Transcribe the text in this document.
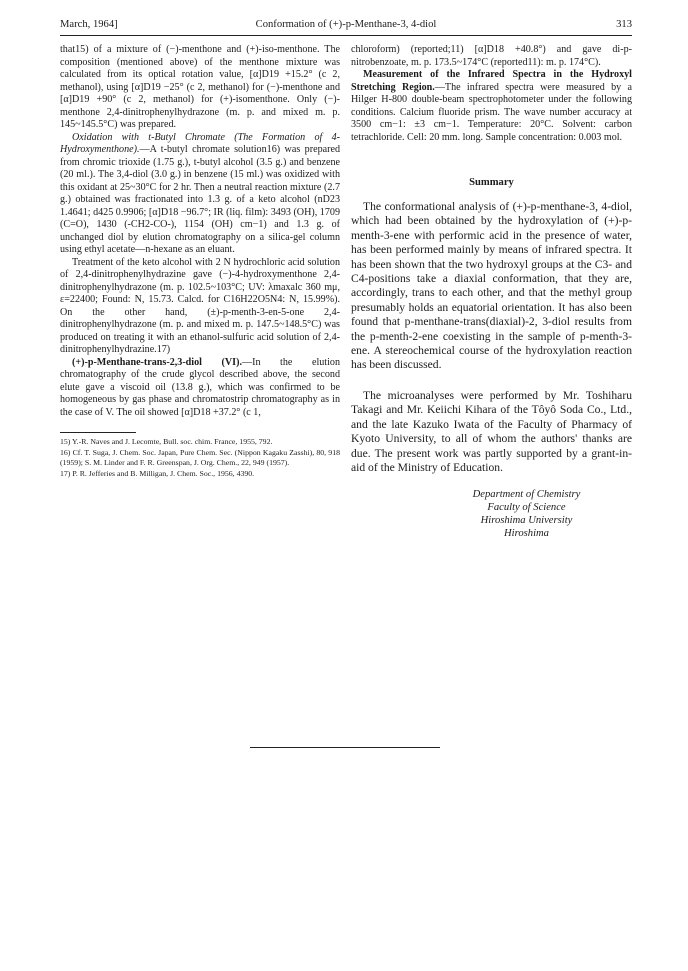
March, 1964]	Conformation of (+)-p-Menthane-3, 4-diol	313

that15) of a mixture of (−)-menthone and (+)-iso-menthone. The composition (mentioned above) of the menthone mixture was calculated from its optical rotation value, [α]D19 +15.2° (c 2, methanol), using [α]D19 −25° (c 2, methanol) for (−)-menthone and [α]D19 +90° (c 2, methanol) for (+)-isomenthone. Only (−)-menthone 2,4-dinitrophenylhydrazone (m. p. and mixed m. p. 145~145.5°C) was prepared.

Oxidation with t-Butyl Chromate (The Formation of 4-Hydroxymenthone).—A t-butyl chromate solution16) was prepared from chromic trioxide (1.75 g.), t-butyl alcohol (3.5 g.) and benzene (20 ml.). The 3,4-diol (3.0 g.) in benzene (15 ml.) was oxidized with this oxidant at 25~30°C for 2 hr. Then a neutral reaction mixture (2.7 g.) obtained was fractionated into 1.3 g. of a keto alcohol (nD23 1.4641; d425 0.9906; [α]D18 −96.7°; IR (liq. film): 3493 (OH), 1709 (C=O), 1430 (-CH2-CO-), 1154 (OH) cm−1) and 1.3 g. of unchanged diol by elution chromatography on a silica-gel column using ethyl acetate—n-hexane as an eluant.

Treatment of the keto alcohol with 2 N hydrochloric acid solution of 2,4-dinitrophenylhydrazine gave (−)-4-hydroxymenthone 2,4-dinitrophenylhydrazone (m. p. 102.5~103°C; UV: λmaxalc 360 mμ, ε=22400; Found: N, 15.73. Calcd. for C16H22O5N4: N, 15.99%). On the other hand, (±)-p-menth-3-en-5-one 2,4-dinitrophenylhydrazone (m. p. and mixed m. p. 147.5~148.5°C) was produced on treating it with an ethanol-sulfuric acid solution of 2,4-dinitrophenylhydrazine.17)

(+)-p-Menthane-trans-2,3-diol (VI).—In the elution chromatography of the crude glycol described above, the second elute gave a viscoid oil (13.8 g.), which was confirmed to be homogeneous by gas phase and chromatostrip chromatography as in the case of V. The oil showed [α]D18 +37.2° (c 1,

15) Y.-R. Naves and J. Lecomte, Bull. soc. chim. France, 1955, 792.

16) Cf. T. Suga, J. Chem. Soc. Japan, Pure Chem. Sec. (Nippon Kagaku Zasshi), 80, 918 (1959); S. M. Linder and F. R. Greenspan, J. Org. Chem., 22, 949 (1957).

17) P. R. Jefferies and B. Milligan, J. Chem. Soc., 1956, 4390.

chloroform) (reported;11) [α]D18 +40.8°) and gave di-p-nitrobenzoate, m. p. 173.5~174°C (reported11): m. p. 174°C).

Measurement of the Infrared Spectra in the Hydroxyl Stretching Region.—The infrared spectra were measured by a Hilger H-800 double-beam spectrophotometer under the following conditions. Calcium fluoride prism. The wave number accuracy at 3500 cm−1: ±3 cm−1. Temperature: 20°C. Solvent: carbon tetrachloride. Cell: 20 mm. long. Sample concentration: 0.003 mol.

Summary

The conformational analysis of (+)-p-menthane-3, 4-diol, which had been obtained by the hydroxylation of (+)-p-menth-3-ene with performic acid in the presence of water, has been performed mainly by means of infrared spectra. It has been shown that the two hydroxyl groups at the C3- and C4-positions take a diaxial conformation, that they are, accordingly, trans to each other, and that the methyl group presumably holds an equatorial orientation. It has also been found that p-menthane-trans(diaxial)-2, 3-diol results from the p-menth-2-ene coexisting in the sample of p-menth-3-ene. A stereochemical course of the hydroxylation reaction has been discussed.

The microanalyses were performed by Mr. Toshiharu Takagi and Mr. Keiichi Kihara of the Tôyô Soda Co., Ltd., and the late Kazuko Iwata of the Faculty of Pharmacy of Kyoto University, to all of whom the authors' thanks are due. The present work was partly supported by a grant-in-aid of the Ministry of Education.

Department of Chemistry
Faculty of Science
Hiroshima University
Hiroshima
